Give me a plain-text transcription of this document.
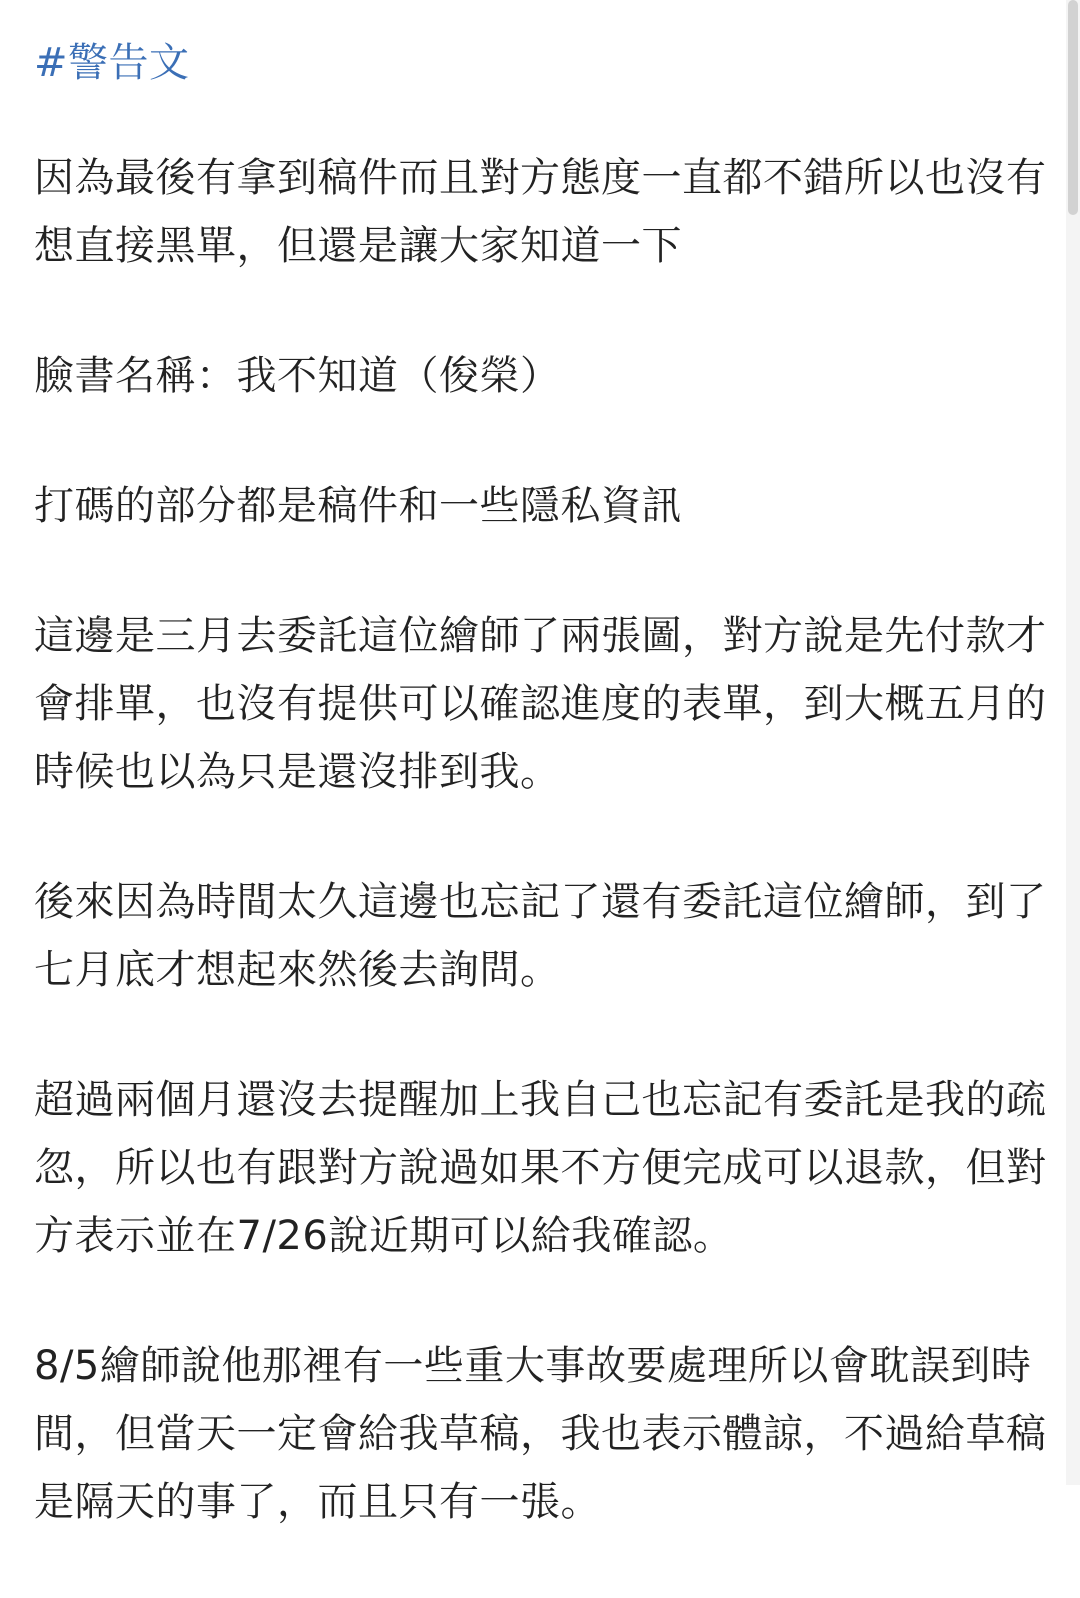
#警告文

因為最後有拿到稿件而且對方態度一直都不錯所以也沒有想直接黑單，但還是讓大家知道一下

臉書名稱：我不知道（俊榮）

打碼的部分都是稿件和一些隱私資訊

這邊是三月去委託這位繪師了兩張圖，對方說是先付款才會排單，也沒有提供可以確認進度的表單，到大概五月的時候也以為只是還沒排到我。

後來因為時間太久這邊也忘記了還有委託這位繪師，到了七月底才想起來然後去詢問。

超過兩個月還沒去提醒加上我自己也忘記有委託是我的疏忽，所以也有跟對方說過如果不方便完成可以退款，但對方表示並在7/26說近期可以給我確認。

8/5繪師說他那裡有一些重大事故要處理所以會耽誤到時間，但當天一定會給我草稿，我也表示體諒，不過給草稿是隔天的事了，而且只有一張。
